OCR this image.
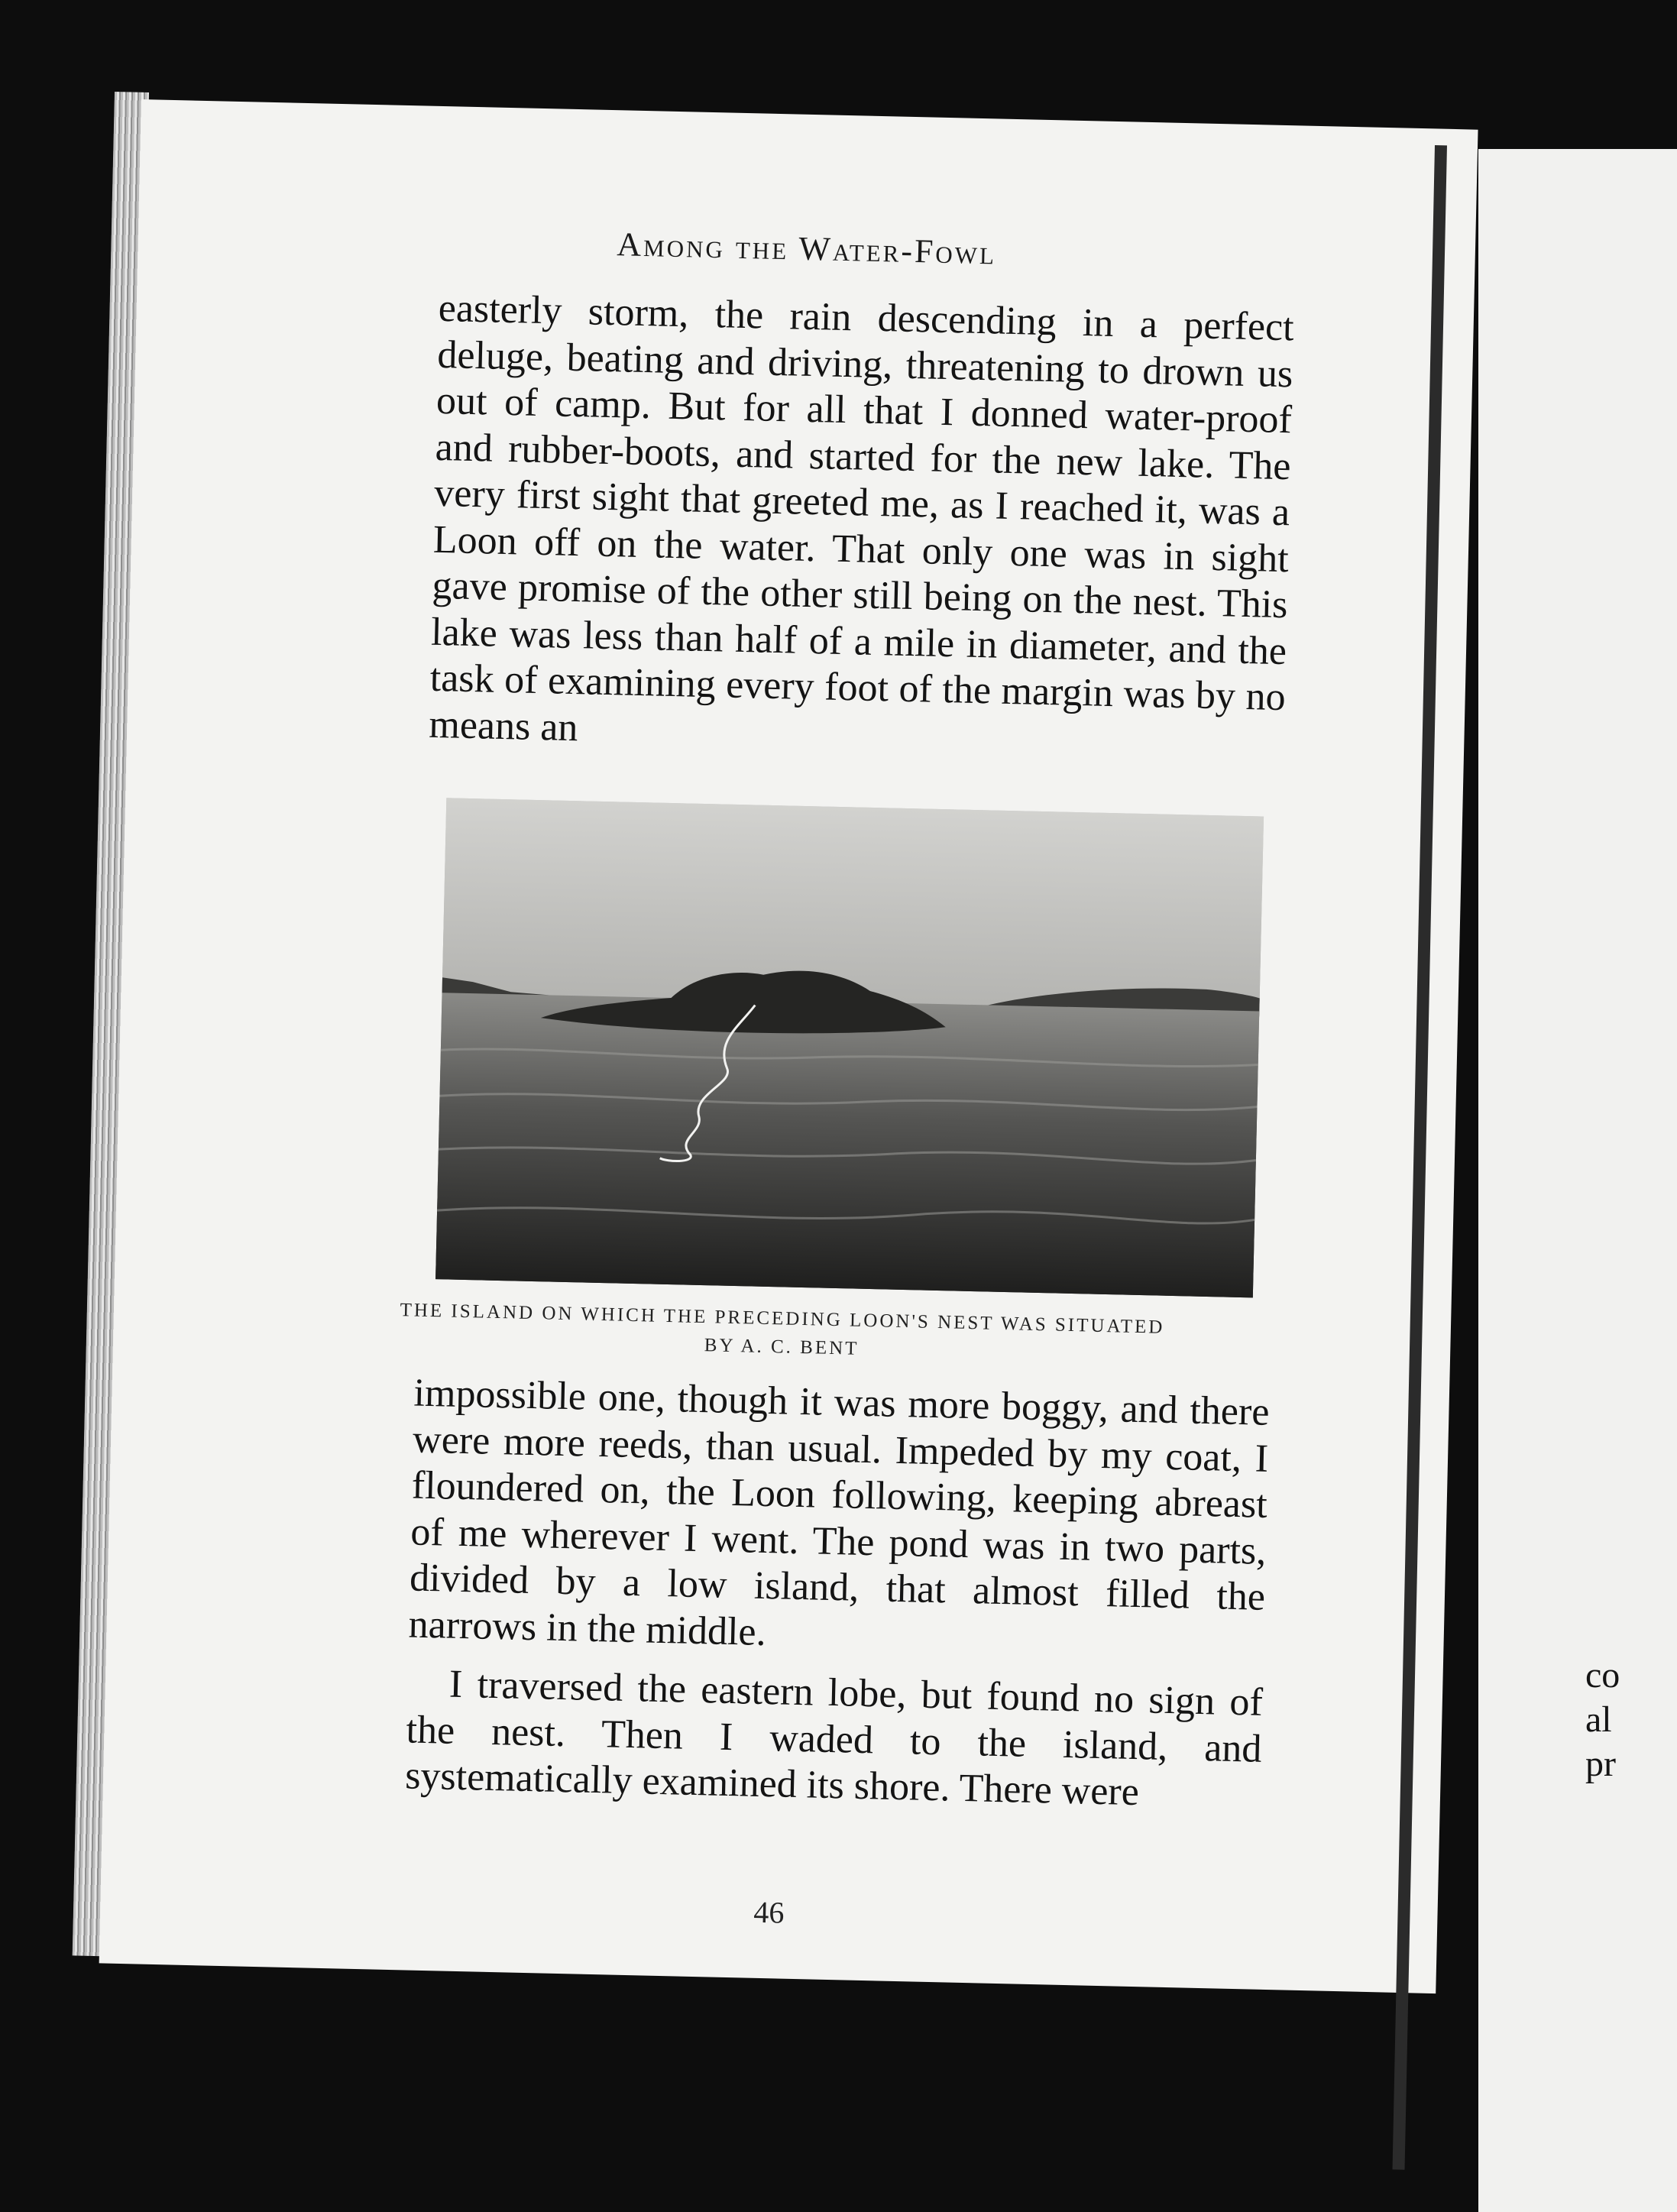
Among the Water-Fowl

easterly storm, the rain descending in a perfect deluge, beating and driving, threatening to drown us out of camp. But for all that I donned water-proof and rubber-boots, and started for the new lake. The very first sight that greeted me, as I reached it, was a Loon off on the water. That only one was in sight gave promise of the other still being on the nest. This lake was less than half of a mile in diameter, and the task of examining every foot of the margin was by no means an

THE ISLAND ON WHICH THE PRECEDING LOON'S NEST WAS SITUATED
BY A. C. BENT

impossible one, though it was more boggy, and there were more reeds, than usual. Impeded by my coat, I floundered on, the Loon following, keeping abreast of me wherever I went. The pond was in two parts, divided by a low island, that almost filled the narrows in the middle.

I traversed the eastern lobe, but found no sign of the nest. Then I waded to the island, and systematically examined its shore. There were

46
co
al
pr
